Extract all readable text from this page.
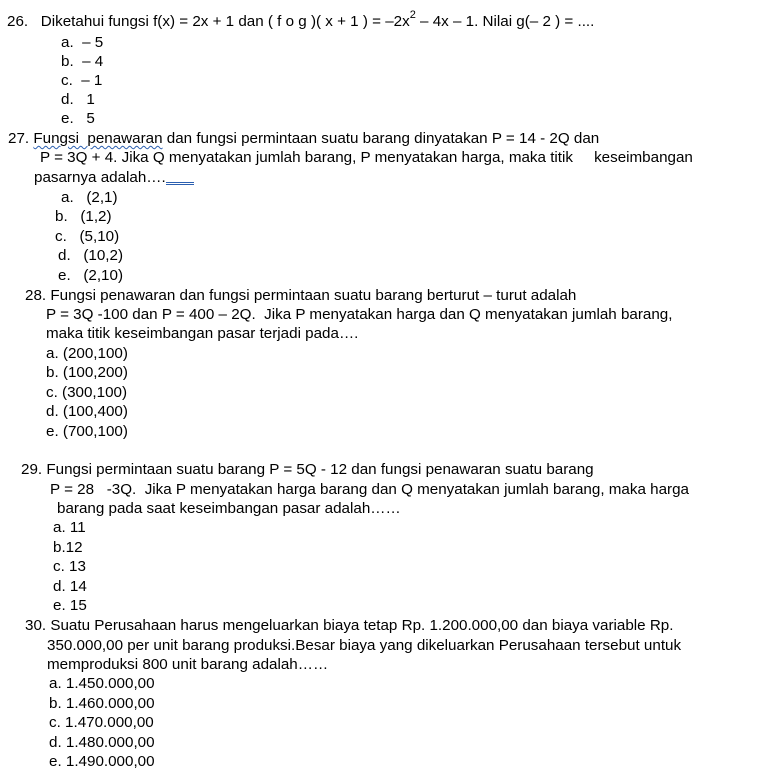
26. Diketahui fungsi f(x) = 2x + 1 dan ( f o g )( x + 1 ) = $-2x^2 - 4x - 1$. Nilai g(– 2 ) = ....
a.  – 5
b.  – 4
c.  – 1
d.   1
e.   5
27. Fungsi  penawaran dan fungsi permintaan suatu barang dinyatakan P = 14 - 2Q dan
P = 3Q + 4. Jika Q menyatakan jumlah barang, P menyatakan harga, maka titik     keseimbangan
pasarnya adalah….
a.   (2,1)
b.   (1,2)
c.   (5,10)
d.   (10,2)
e.   (2,10)
28. Fungsi penawaran dan fungsi permintaan suatu barang berturut – turut adalah
P = 3Q -100 dan P = 400 – 2Q.  Jika P menyatakan harga dan Q menyatakan jumlah barang,
maka titik keseimbangan pasar terjadi pada….
a. (200,100)
b. (100,200)
c. (300,100)
d. (100,400)
e. (700,100)
29. Fungsi permintaan suatu barang P = 5Q - 12 dan fungsi penawaran suatu barang
P = 28   -3Q.  Jika P menyatakan harga barang dan Q menyatakan jumlah barang, maka harga
barang pada saat keseimbangan pasar adalah……
a. 11
b.12
c. 13
d. 14
e. 15
30. Suatu Perusahaan harus mengeluarkan biaya tetap Rp. 1.200.000,00 dan biaya variable Rp.
350.000,00 per unit barang produksi.Besar biaya yang dikeluarkan Perusahaan tersebut untuk
memproduksi 800 unit barang adalah……
a. 1.450.000,00
b. 1.460.000,00
c. 1.470.000,00
d. 1.480.000,00
e. 1.490.000,00
